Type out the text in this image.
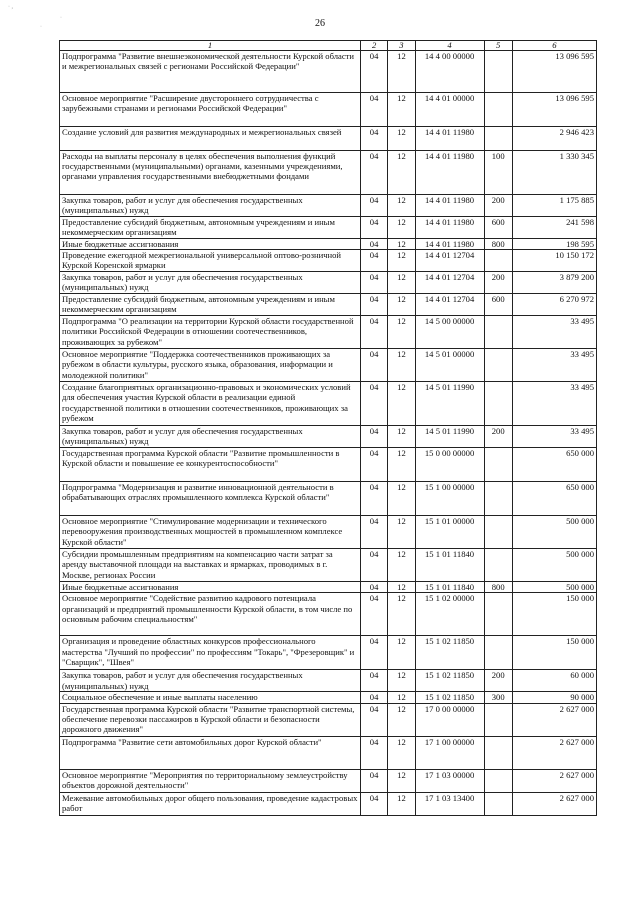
· ,
·
·	26
1	2	3	4	5	6
Подпрограмма "Развитие внешнеэкономической деятельности Курской области и межрегиональных связей с регионами Российской Федерации"	04	12	14 4 00 00000		13 096 595
Основное мероприятие "Расширение двустороннего сотрудничества с зарубежными странами и регионами Российской Федерации"	04	12	14 4 01 00000		13 096 595
Создание условий для развития международных и межрегиональных связей	04	12	14 4 01 11980		2 946 423
Расходы на выплаты персоналу в целях обеспечения выполнения функций государственными (муниципальными) органами, казенными учреждениями, органами управления государственными внебюджетными фондами	04	12	14 4 01 11980	100	1 330 345
Закупка товаров, работ и услуг для обеспечения государственных (муниципальных) нужд	04	12	14 4 01 11980	200	1 175 885
Предоставление субсидий бюджетным, автономным учреждениям и иным некоммерческим организациям	04	12	14 4 01 11980	600	241 598
Иные бюджетные ассигнования	04	12	14 4 01 11980	800	198 595
Проведение ежегодной межрегиональной универсальной оптово-розничной Курской Коренской ярмарки	04	12	14 4 01 12704		10 150 172
Закупка товаров, работ и услуг для обеспечения государственных (муниципальных) нужд	04	12	14 4 01 12704	200	3 879 200
Предоставление субсидий бюджетным, автономным учреждениям и иным некоммерческим организациям	04	12	14 4 01 12704	600	6 270 972
Подпрограмма "О реализации на территории Курской области государственной политики Российской Федерации в отношении соотечественников, проживающих за рубежом"	04	12	14 5 00 00000		33 495
Основное мероприятие "Поддержка соотечественников проживающих за рубежом в области культуры, русского языка, образования, информации и молодежной политики"	04	12	14 5 01 00000		33 495
Создание благоприятных организационно-правовых и экономических условий для обеспечения участия Курской области в реализации единой государственной политики в отношении соотечественников, проживающих за рубежом	04	12	14 5 01 11990		33 495
Закупка товаров, работ и услуг для обеспечения государственных (муниципальных) нужд	04	12	14 5 01 11990	200	33 495
Государственная программа Курской области "Развитие промышленности в Курской области и повышение ее конкурентоспособности"	04	12	15 0 00 00000		650 000
Подпрограмма "Модернизация и развитие инновационной деятельности в обрабатывающих отраслях промышленного комплекса Курской области"	04	12	15 1 00 00000		650 000
Основное мероприятие "Стимулирование модернизации и технического перевооружения производственных мощностей в промышленном комплексе Курской области"	04	12	15 1 01 00000		500 000
Субсидии промышленным предприятиям на компенсацию части затрат за аренду выставочной площади на выставках и ярмарках, проводимых в г. Москве, регионах России	04	12	15 1 01 11840		500 000
Иные бюджетные ассигнования	04	12	15 1 01 11840	800	500 000
Основное мероприятие "Содействие развитию кадрового потенциала организаций и предприятий промышленности Курской области, в том числе по основным рабочим специальностям"	04	12	15 1 02 00000		150 000
Организация и проведение областных конкурсов профессионального мастерства "Лучший по профессии" по профессиям "Токарь", "Фрезеровщик" и "Сварщик", "Швея"	04	12	15 1 02 11850		150 000
Закупка товаров, работ и услуг для обеспечения государственных (муниципальных) нужд	04	12	15 1 02 11850	200	60 000
Социальное обеспечение и иные выплаты населению	04	12	15 1 02 11850	300	90 000
Государственная программа Курской области "Развитие транспортной системы, обеспечение перевозки пассажиров в Курской области и безопасности дорожного движения"	04	12	17 0 00 00000		2 627 000
Подпрограмма "Развитие сети автомобильных дорог Курской области"	04	12	17 1 00 00000		2 627 000
Основное мероприятие "Мероприятия по территориальному землеустройству объектов дорожной деятельности"	04	12	17 1 03 00000		2 627 000
Межевание автомобильных дорог общего пользования, проведение кадастровых работ	04	12	17 1 03 13400		2 627 000
